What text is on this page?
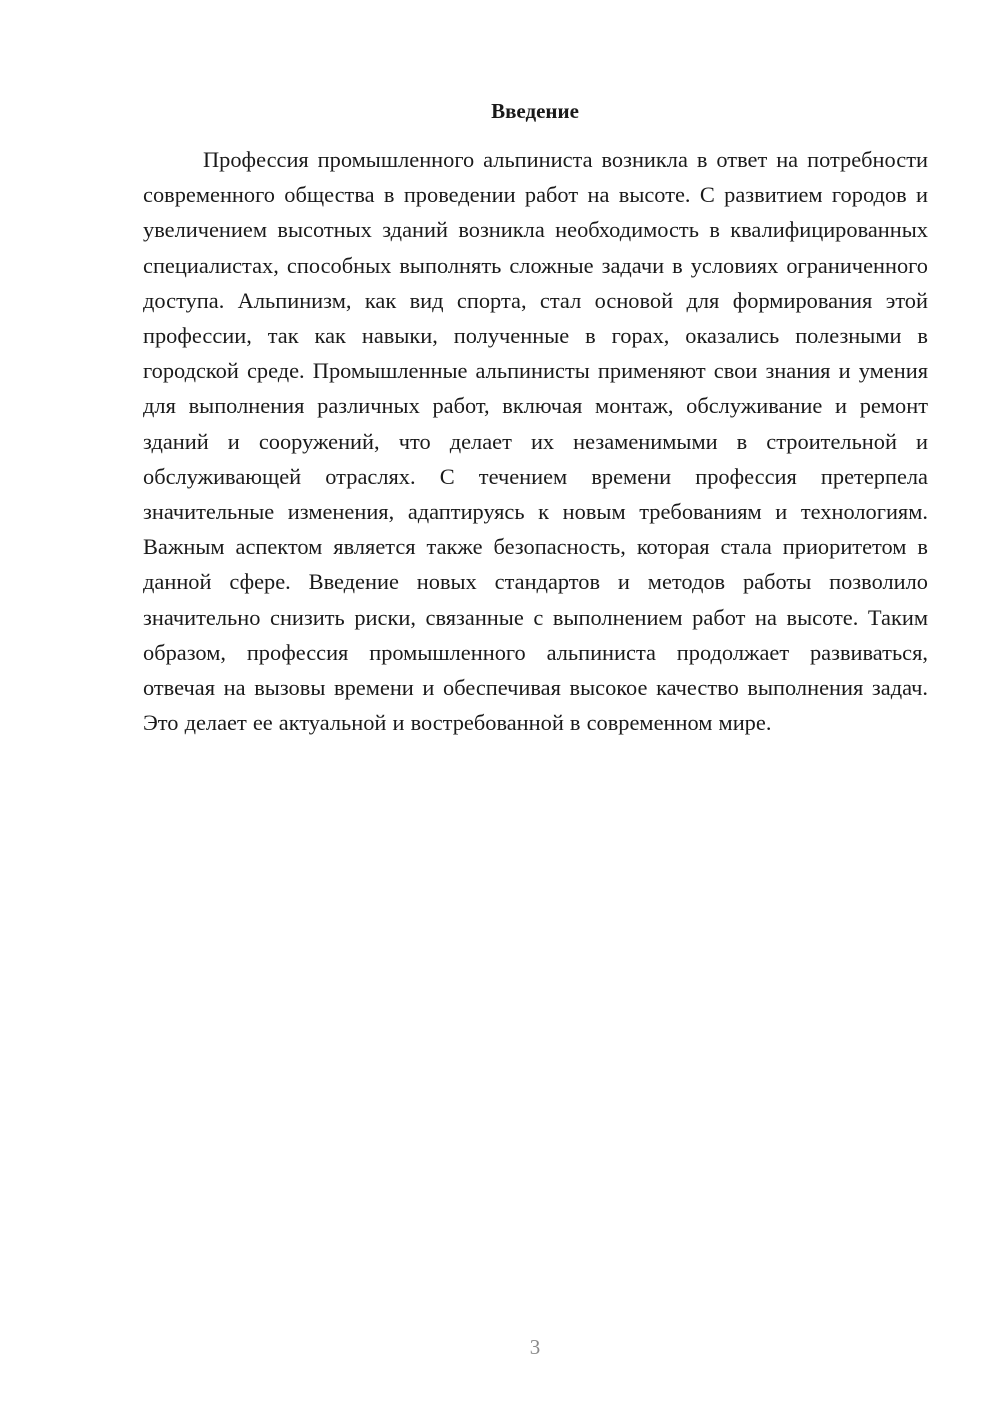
Введение

Профессия промышленного альпиниста возникла в ответ на потребности современного общества в проведении работ на высоте. С развитием городов и увеличением высотных зданий возникла необходимость в квалифицированных специалистах, способных выполнять сложные задачи в условиях ограниченного доступа. Альпинизм, как вид спорта, стал основой для формирования этой профессии, так как навыки, полученные в горах, оказались полезными в городской среде. Промышленные альпинисты применяют свои знания и умения для выполнения различных работ, включая монтаж, обслуживание и ремонт зданий и сооружений, что делает их незаменимыми в строительной и обслуживающей отраслях. С течением времени профессия претерпела значительные изменения, адаптируясь к новым требованиям и технологиям. Важным аспектом является также безопасность, которая стала приоритетом в данной сфере. Введение новых стандартов и методов работы позволило значительно снизить риски, связанные с выполнением работ на высоте. Таким образом, профессия промышленного альпиниста продолжает развиваться, отвечая на вызовы времени и обеспечивая высокое качество выполнения задач. Это делает ее актуальной и востребованной в современном мире.

3
